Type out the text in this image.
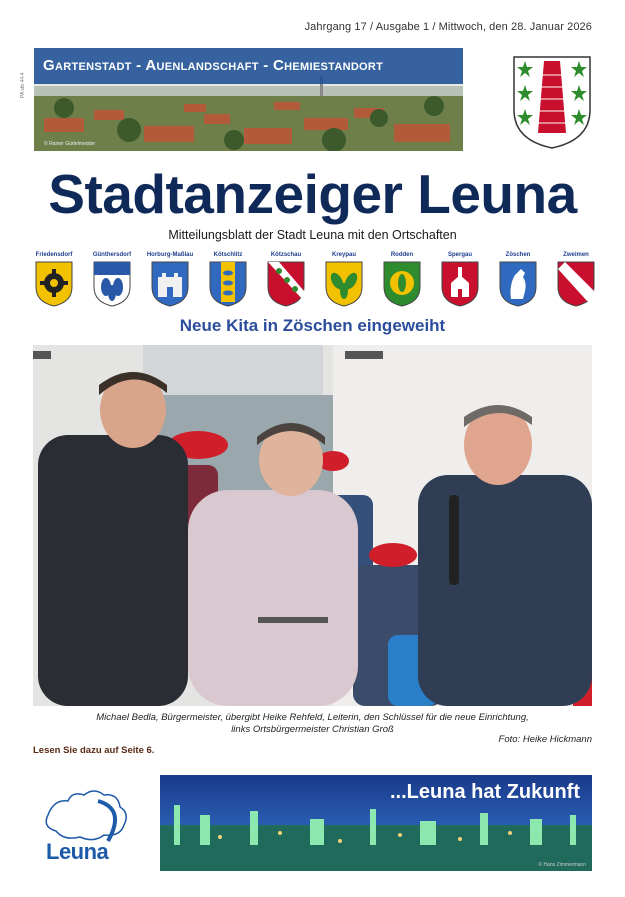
Jahrgang 17 / Ausgabe 1 / Mittwoch, den 28. Januar 2026
PA stb 44-4
Gartenstadt - Auenlandschaft - Chemiestandort
© Rainer Gürtelmeister
Stadtanzeiger Leuna
Mitteilungsblatt der Stadt Leuna mit den Ortschaften
Friedensdorf	Günthersdorf	Horburg-Maßlau	Kötschlitz	Kötzschau	Kreypau	Rodden	Spergau	Zöschen	Zweimen
Neue Kita in Zöschen eingeweiht
Michael Bedla, Bürgermeister, übergibt Heike Rehfeld, Leiterin, den Schlüssel für die neue Einrichtung,
links Ortsbürgermeister Christian Groß
Foto: Heike Hickmann
Lesen Sie dazu auf Seite 6.
Leuna
...Leuna hat Zukunft
© Hans Zimmermann
